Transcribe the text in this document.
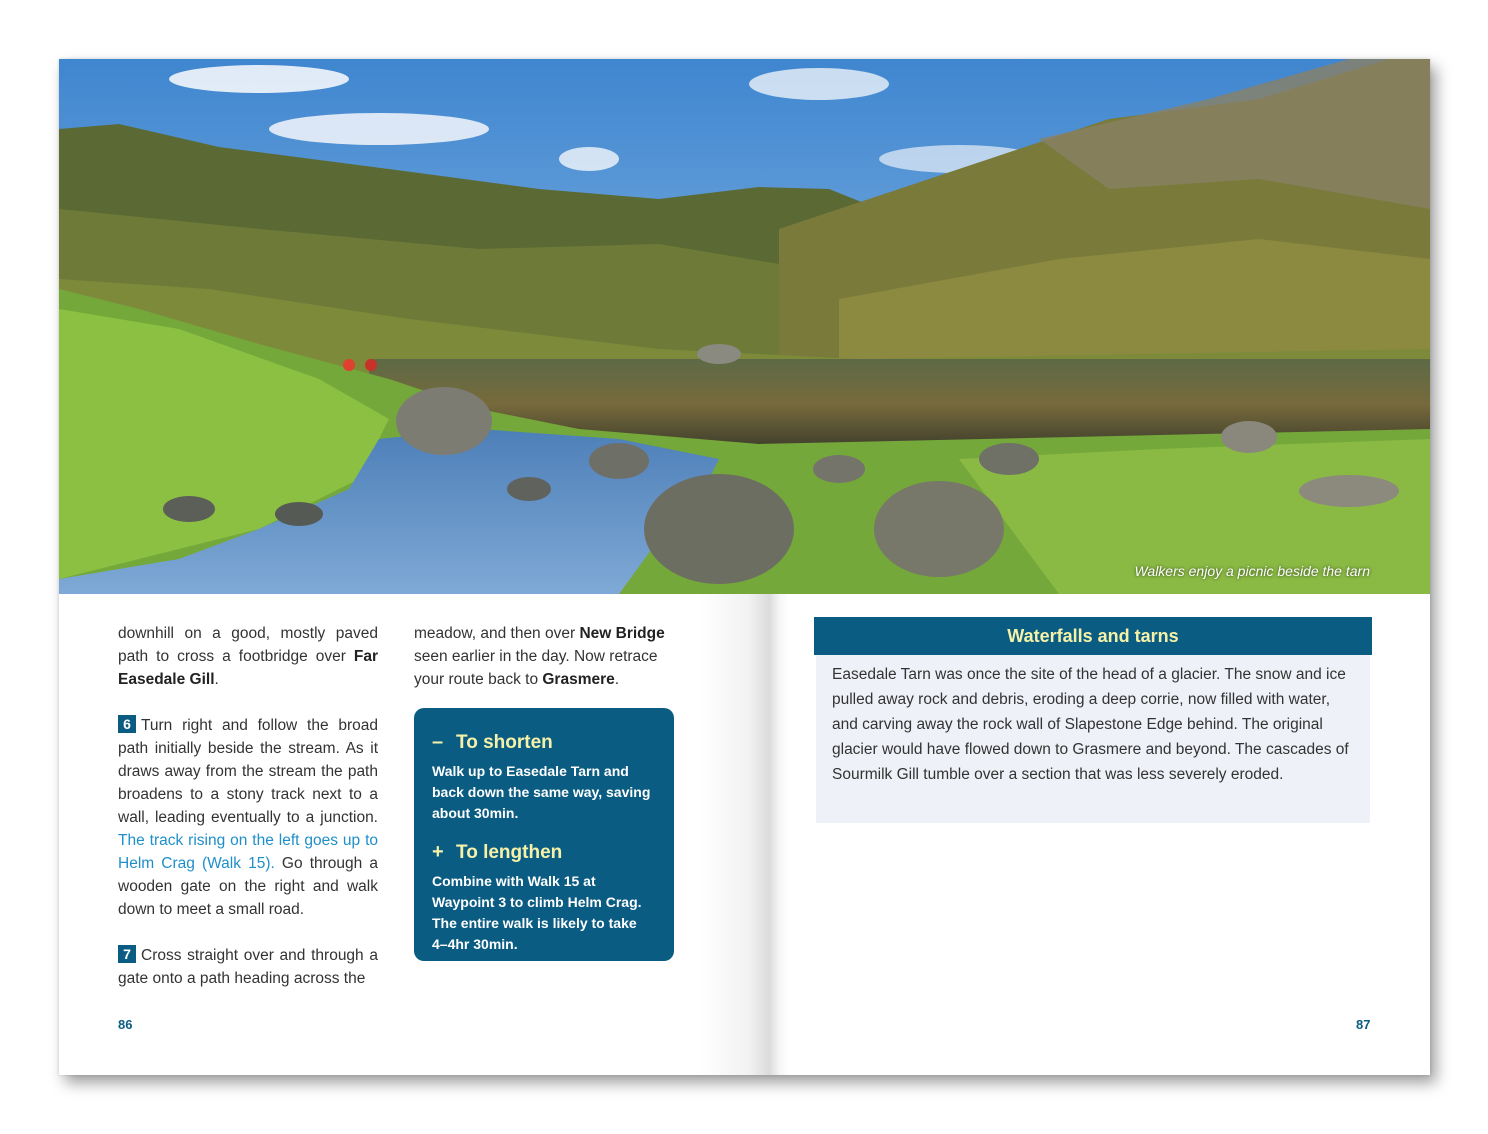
Walkers enjoy a picnic beside the tarn

downhill on a good, mostly paved path to cross a footbridge over Far Easedale Gill.

6 Turn right and follow the broad path initially beside the stream. As it draws away from the stream the path broadens to a stony track next to a wall, leading eventually to a junction. The track rising on the left goes up to Helm Crag (Walk 15). Go through a wooden gate on the right and walk down to meet a small road.

7 Cross straight over and through a gate onto a path heading across the

meadow, and then over New Bridge seen earlier in the day. Now retrace your route back to Grasmere.

– To shorten
Walk up to Easedale Tarn and back down the same way, saving about 30min.
+ To lengthen
Combine with Walk 15 at Waypoint 3 to climb Helm Crag. The entire walk is likely to take 4–4hr 30min.
86
Waterfalls and tarns
Easedale Tarn was once the site of the head of a glacier. The snow and ice pulled away rock and debris, eroding a deep corrie, now filled with water, and carving away the rock wall of Slapestone Edge behind. The original glacier would have flowed down to Grasmere and beyond. The cascades of Sourmilk Gill tumble over a section that was less severely eroded.
87
